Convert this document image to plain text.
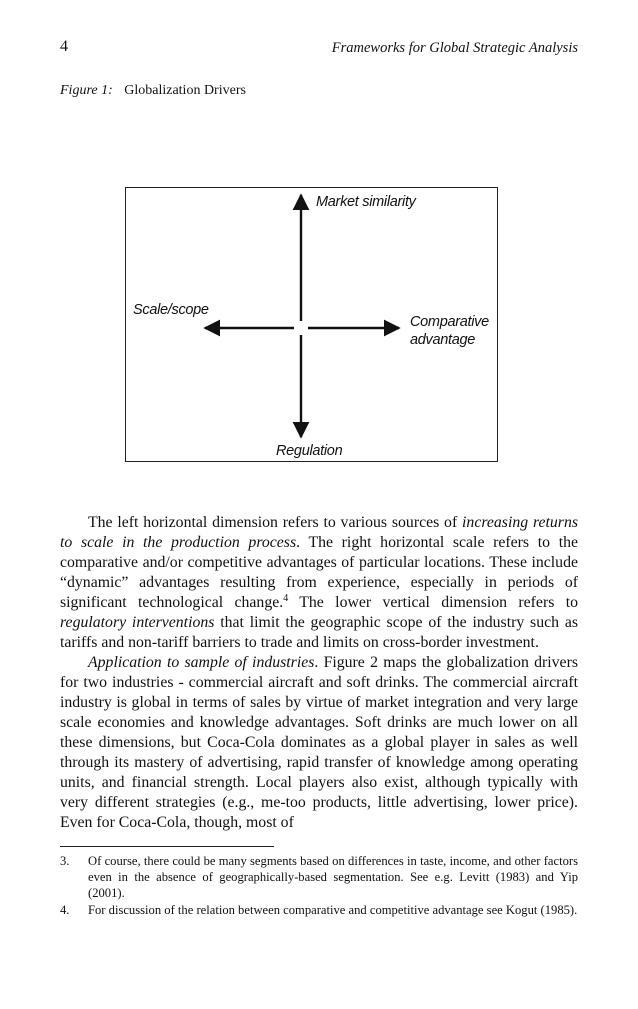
4	Frameworks for Global Strategic Analysis
Figure 1: Globalization Drivers
Market similarity
Scale/scope
Comparative
advantage
Regulation

The left horizontal dimension refers to various sources of increasing returns to scale in the production process. The right horizontal scale refers to the comparative and/or competitive advantages of particular locations. These include “dynamic” advantages resulting from experience, especially in periods of significant technological change.$^4$ The lower vertical dimension refers to regulatory interventions that limit the geographic scope of the industry such as tariffs and non-tariff barriers to trade and limits on cross-border investment.

Application to sample of industries. Figure 2 maps the globalization drivers for two industries - commercial aircraft and soft drinks. The commercial aircraft industry is global in terms of sales by virtue of market integration and very large scale economies and knowledge advantages. Soft drinks are much lower on all these dimensions, but Coca-Cola dominates as a global player in sales as well through its mastery of advertising, rapid transfer of knowledge among operating units, and financial strength. Local players also exist, although typically with very different strategies (e.g., me-too products, little advertising, lower price). Even for Coca-Cola, though, most of

3.	Of course, there could be many segments based on differences in taste, income, and other factors even in the absence of geographically-based segmentation. See e.g. Levitt (1983) and Yip (2001).
4.	For discussion of the relation between comparative and competitive advantage see Kogut (1985).
